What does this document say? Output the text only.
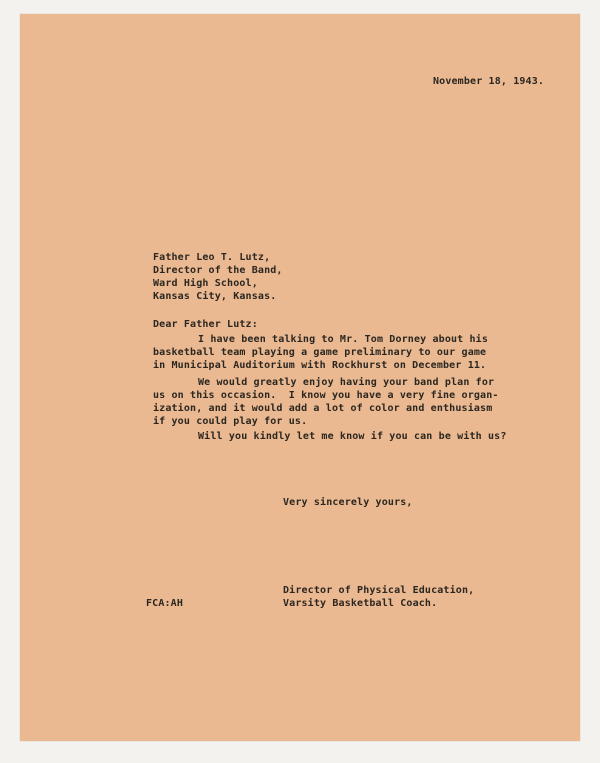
November 18, 1943.
Father Leo T. Lutz,
Director of the Band,
Ward High School,
Kansas City, Kansas.
Dear Father Lutz:
I have been talking to Mr. Tom Dorney about his
basketball team playing a game preliminary to our game
in Municipal Auditorium with Rockhurst on December 11.
We would greatly enjoy having your band plan for
us on this occasion.  I know you have a very fine organ-
ization, and it would add a lot of color and enthusiasm
if you could play for us.
Will you kindly let me know if you can be with us?
Very sincerely yours,
Director of Physical Education,
Varsity Basketball Coach.
FCA:AH
